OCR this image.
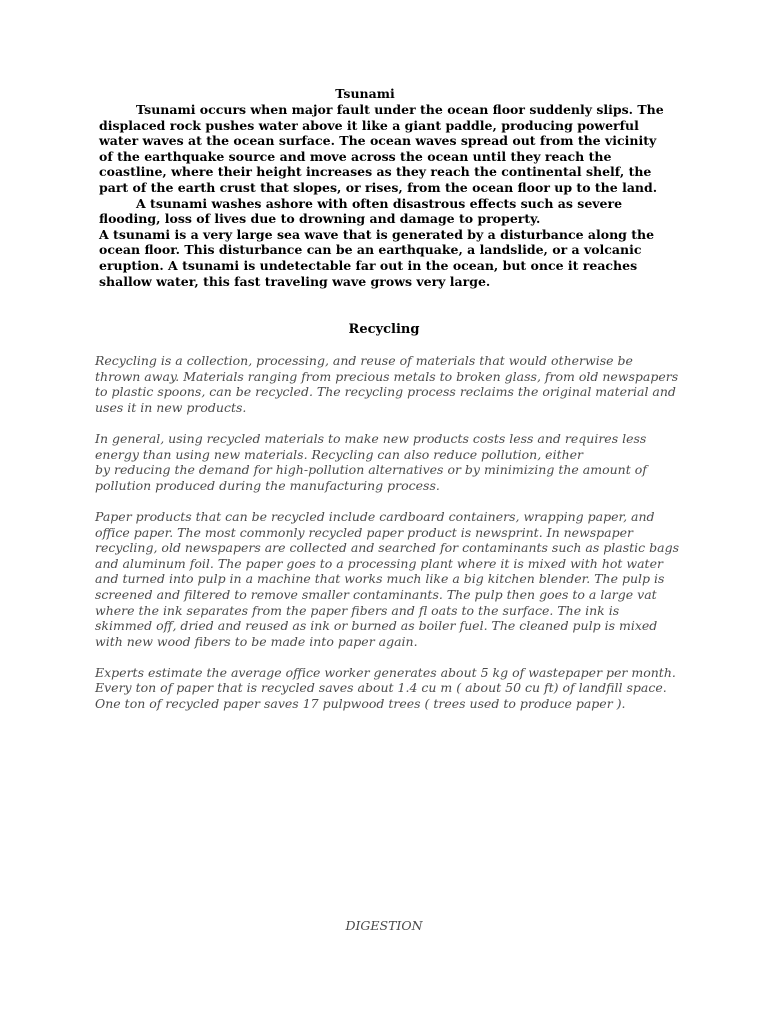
Tsunami

Tsunami occurs when major fault under the ocean floor suddenly slips. The displaced rock pushes water above it like a giant paddle, producing powerful water waves at the ocean surface. The ocean waves spread out from the vicinity of the earthquake source and move across the ocean until they reach the coastline, where their height increases as they reach the continental shelf, the part of the earth crust that slopes, or rises, from the ocean floor up to the land.

A tsunami washes ashore with often disastrous effects such as severe flooding, loss of lives due to drowning and damage to property.

A tsunami is a very large sea wave that is generated by a disturbance along the ocean floor. This disturbance can be an earthquake, a landslide, or a volcanic eruption. A tsunami is undetectable far out in the ocean, but once it reaches shallow water, this fast traveling wave grows very large.

Recycling

Recycling is a collection, processing, and reuse of materials that would otherwise be thrown away. Materials ranging from precious metals to broken glass, from old newspapers to plastic spoons, can be recycled. The recycling process reclaims the original material and uses it in new products.

In general, using recycled materials to make new products costs less and requires less energy than using new materials. Recycling can also reduce pollution, either

by reducing the demand for high-pollution alternatives or by minimizing the amount of pollution produced during the manufacturing process.

Paper products that can be recycled include cardboard containers, wrapping paper, and office paper. The most commonly recycled paper product is newsprint. In newspaper recycling, old newspapers are collected and searched for contaminants such as plastic bags and aluminum foil. The paper goes to a processing plant where it is mixed with hot water and turned into pulp in a machine that works much like a big kitchen blender. The pulp is screened and filtered to remove smaller contaminants. The pulp then goes to a large vat where the ink separates from the paper fibers and fl oats to the surface. The ink is skimmed off, dried and reused as ink or burned as boiler fuel. The cleaned pulp is mixed with new wood fibers to be made into paper again.

Experts estimate the average office worker generates about 5 kg of wastepaper per month. Every ton of paper that is recycled saves about 1.4 cu m ( about 50 cu ft) of landfill space. One ton of recycled paper saves 17 pulpwood trees ( trees used to produce paper ).

DIGESTION
